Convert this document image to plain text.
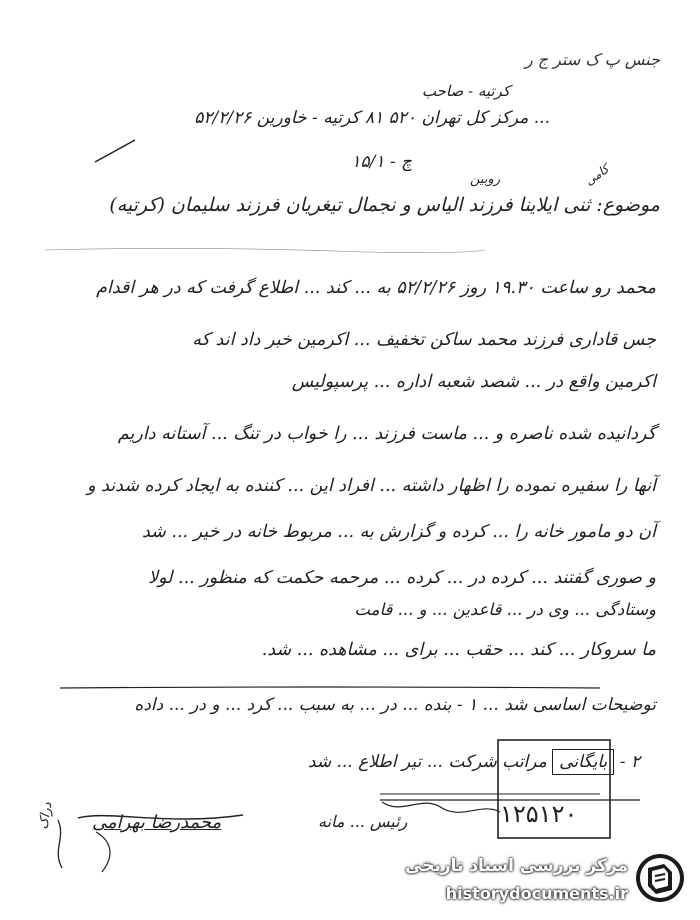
جنس پ ک ستر ج ر
کرتیه - صاحب
... مرکز کل تهران ۵۲۰ ۸۱ کرتیه - خاورین ۵۲/۲/۲۶
چ - ۱۵/۱
روبین	کامی
موضوع: ثنی ایلاینا فرزند الیاس و نجمال تیغریان فرزند سلیمان (کرتیه)
محمد رو ساعت ۱۹.۳۰ روز ۵۲/۲/۲۶ به ... کند ... اطلاع گرفت که در هر اقدام
جس قاداری فرزند محمد ساکن تخفیف ... اکرمین خبر داد اند که
اکرمین واقع در ... شصد شعبه اداره ... پرسپولیس
گردانیده شده ناصره و ... ماست فرزند ... را خواب در تنگ ... آستانه داریم
آنها را سفیره نموده را اظهار داشته ... افراد این ... کننده به ایجاد کرده شدند و
آن دو مامور خانه را ... کرده و گزارش به ... مربوط خانه در خیر ... شد
و صوری گفتند ... کرده در ... کرده ... مرحمه حکمت که منظور ... لولا
وستادگی ... وی در ... قاعدین ... و ... قامت
ما سروکار ... کند ... حقب ... برای ... مشاهده ... شد.
توضیحات اساسی شد ... ۱ - بنده ... در ... به سبب ... کرد ... و در ... داده
۲ - بایگانی مراتب شرکت ... تیر اطلاع ... شد
۱۲۵۱۲۰
محمدرضا بهرامی	رئیس ... مانه
دراک
مرکز بررسی اسناد تاریخی
historydocuments.ir
